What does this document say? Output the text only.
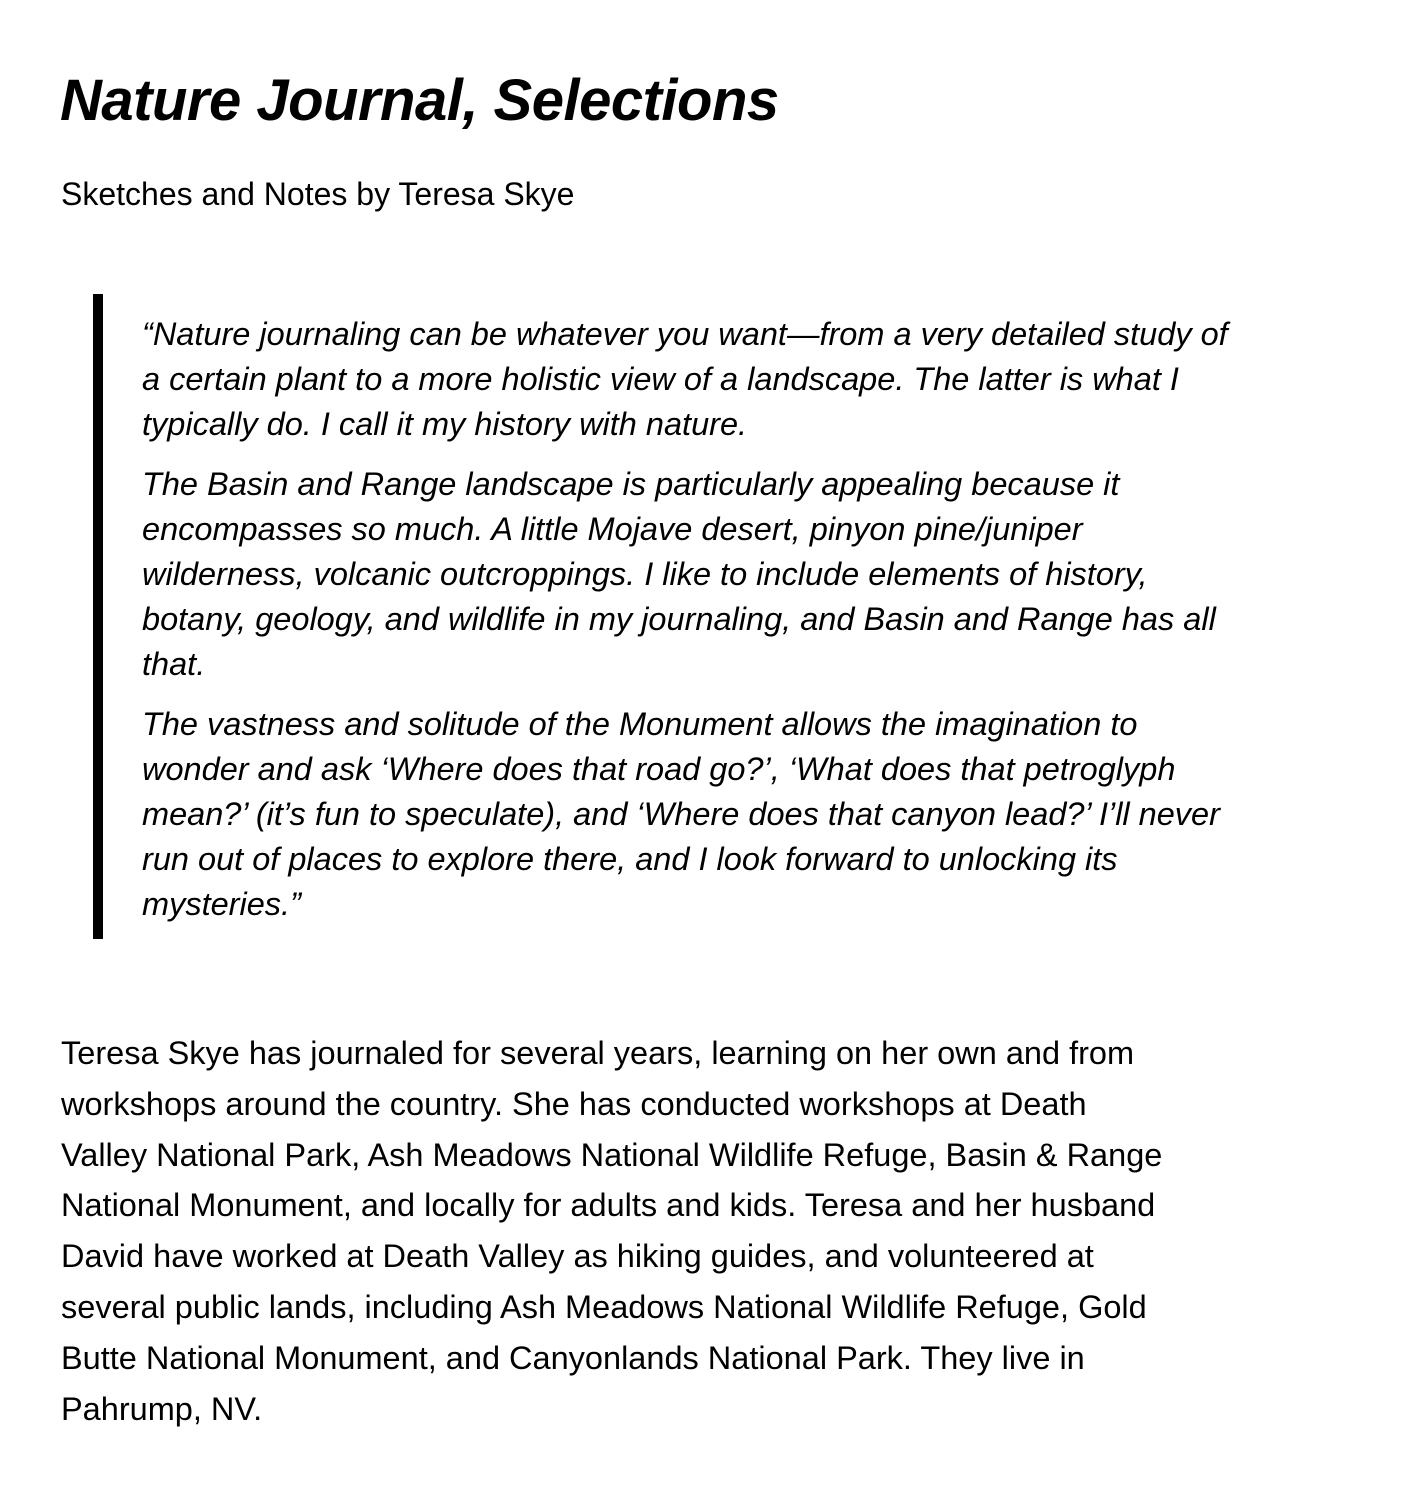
Nature Journal, Selections
Sketches and Notes by Teresa Skye

“Nature journaling can be whatever you want—from a very detailed study of
a certain plant to a more holistic view of a landscape. The latter is what I
typically do. I call it my history with nature.

The Basin and Range landscape is particularly appealing because it
encompasses so much. A little Mojave desert, pinyon pine/juniper
wilderness, volcanic outcroppings. I like to include elements of history,
botany, geology, and wildlife in my journaling, and Basin and Range has all
that.

The vastness and solitude of the Monument allows the imagination to
wonder and ask ‘Where does that road go?’, ‘What does that petroglyph
mean?’ (it’s fun to speculate), and ‘Where does that canyon lead?’ I’ll never
run out of places to explore there, and I look forward to unlocking its
mysteries.”

Teresa Skye has journaled for several years, learning on her own and from
workshops around the country. She has conducted workshops at Death
Valley National Park, Ash Meadows National Wildlife Refuge, Basin & Range
National Monument, and locally for adults and kids. Teresa and her husband
David have worked at Death Valley as hiking guides, and volunteered at
several public lands, including Ash Meadows National Wildlife Refuge, Gold
Butte National Monument, and Canyonlands National Park. They live in
Pahrump, NV.
